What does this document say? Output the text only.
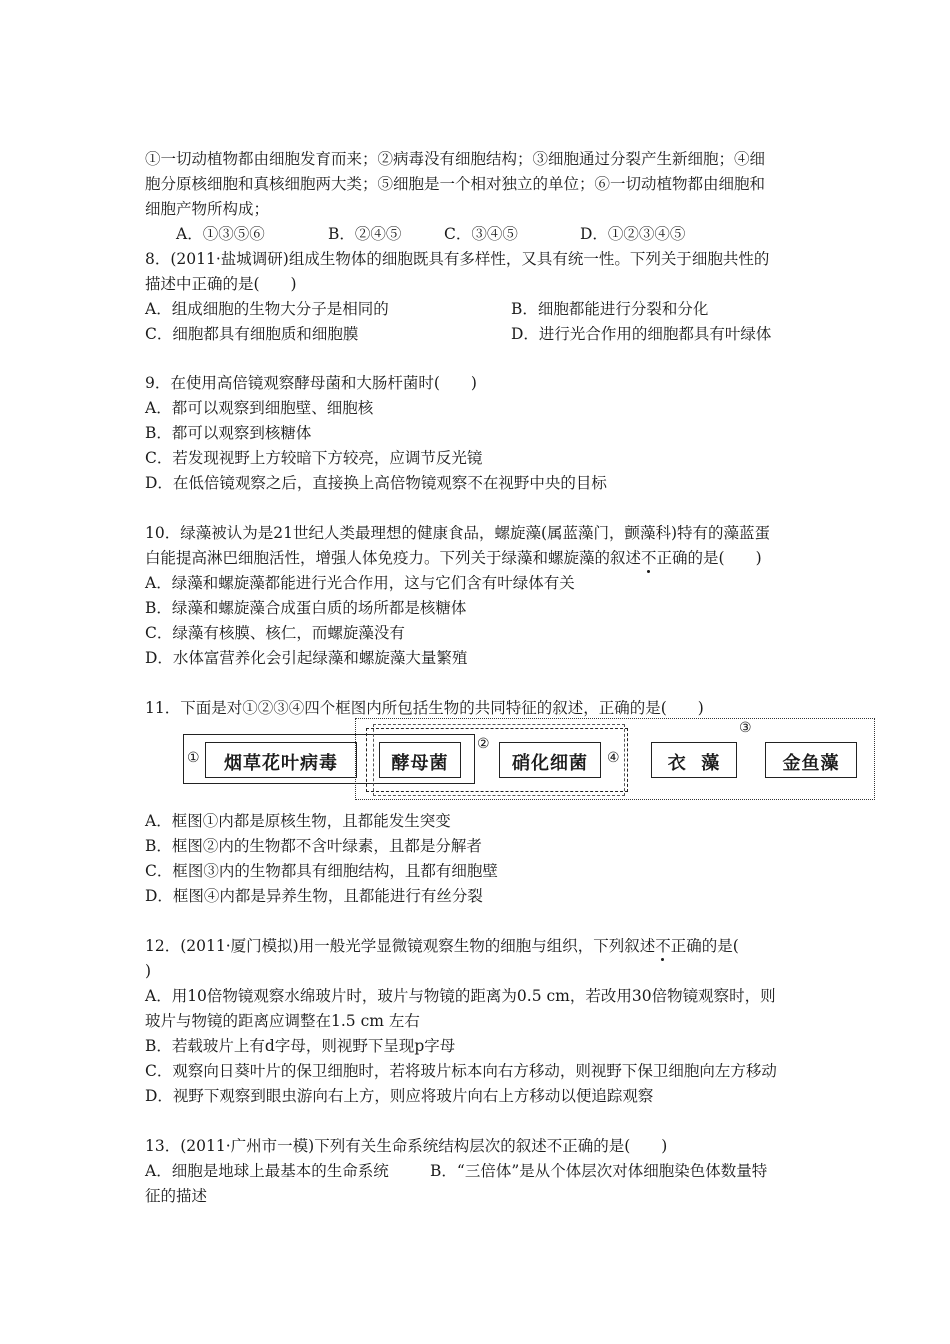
①一切动植物都由细胞发育而来；②病毒没有细胞结构；③细胞通过分裂产生新细胞；④细
胞分原核细胞和真核细胞两大类；⑤细胞是一个相对独立的单位；⑥一切动植物都由细胞和
细胞产物所构成；
A．①③⑤⑥	B．②④⑤	C．③④⑤	D．①②③④⑤
8．(2011·盐城调研)组成生物体的细胞既具有多样性，又具有统一性。下列关于细胞共性的
描述中正确的是(　　)
A．组成细胞的生物大分子是相同的	B．细胞都能进行分裂和分化
C．细胞都具有细胞质和细胞膜	D．进行光合作用的细胞都具有叶绿体
9．在使用高倍镜观察酵母菌和大肠杆菌时(　　)
A．都可以观察到细胞壁、细胞核
B．都可以观察到核糖体
C．若发现视野上方较暗下方较亮，应调节反光镜
D．在低倍镜观察之后，直接换上高倍物镜观察不在视野中央的目标
10．绿藻被认为是21世纪人类最理想的健康食品，螺旋藻(属蓝藻门，颤藻科)特有的藻蓝蛋
白能提高淋巴细胞活性，增强人体免疫力。下列关于绿藻和螺旋藻的叙述不正确的是(　　)
A．绿藻和螺旋藻都能进行光合作用，这与它们含有叶绿体有关
B．绿藻和螺旋藻合成蛋白质的场所都是核糖体
C．绿藻有核膜、核仁，而螺旋藻没有
D．水体富营养化会引起绿藻和螺旋藻大量繁殖
11．下面是对①②③④四个框图内所包括生物的共同特征的叙述，正确的是(　　)
烟草花叶病毒	酵母菌	硝化细菌	衣  藻	金鱼藻
①
②
③
④
A．框图①内都是原核生物，且都能发生突变
B．框图②内的生物都不含叶绿素，且都是分解者
C．框图③内的生物都具有细胞结构，且都有细胞壁
D．框图④内都是异养生物，且都能进行有丝分裂
12．(2011·厦门模拟)用一般光学显微镜观察生物的细胞与组织，下列叙述不正确的是(
)
A．用10倍物镜观察水绵玻片时，玻片与物镜的距离为0.5 cm，若改用30倍物镜观察时，则
玻片与物镜的距离应调整在1.5 cm 左右
B．若载玻片上有d字母，则视野下呈现p字母
C．观察向日葵叶片的保卫细胞时，若将玻片标本向右方移动，则视野下保卫细胞向左方移动
D．视野下观察到眼虫游向右上方，则应将玻片向右上方移动以便追踪观察
13．(2011·广州市一模)下列有关生命系统结构层次的叙述不正确的是(　　)
A．细胞是地球上最基本的生命系统	B．“三倍体”是从个体层次对体细胞染色体数量特
征的描述
